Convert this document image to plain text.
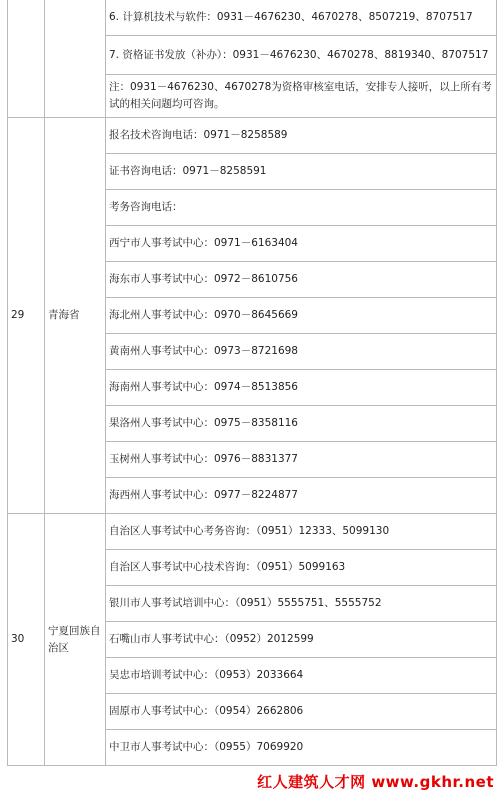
		6. 计算机技术与软件：0931－4676230、4670278、8507219、8707517
		7. 资格证书发放（补办）：0931－4676230、4670278、8819340、8707517
		注：0931－4676230、4670278为资格审核室电话，安排专人接听，以上所有考试的相关问题均可咨询。
29	青海省	报名技术咨询电话：0971－8258589
		证书咨询电话：0971－8258591
		考务咨询电话：
		西宁市人事考试中心：0971－6163404
		海东市人事考试中心：0972－8610756
		海北州人事考试中心：0970－8645669
		黄南州人事考试中心：0973－8721698
		海南州人事考试中心：0974－8513856
		果洛州人事考试中心：0975－8358116
		玉树州人事考试中心：0976－8831377
		海西州人事考试中心：0977－8224877
30	宁夏回族自治区	自治区人事考试中心考务咨询：（0951）12333、5099130
		自治区人事考试中心技术咨询：（0951）5099163
		银川市人事考试培训中心：（0951）5555751、5555752
		石嘴山市人事考试中心：（0952）2012599
		吴忠市培训考试中心：（0953）2033664
		固原市人事考试中心：（0954）2662806
		中卫市人事考试中心：（0955）7069920
红人建筑人才网 www.gkhr.net
